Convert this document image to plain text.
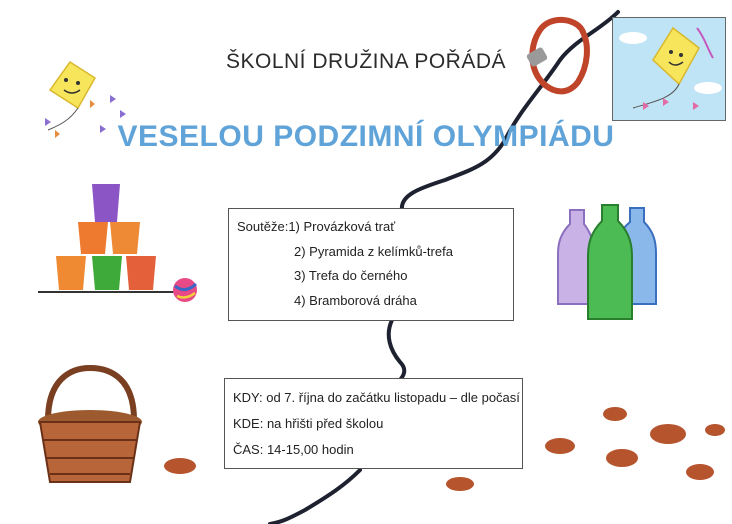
ŠKOLNÍ DRUŽINA POŘÁDÁ
VESELOU PODZIMNÍ OLYMPIÁDU
Soutěže:1) Provázková trať
2) Pyramida z kelímků-trefa
3) Trefa do černého
4) Bramborová dráha
KDY: od 7. října do začátku listopadu – dle počasí
KDE: na hřišti před školou
ČAS: 14-15,00 hodin
